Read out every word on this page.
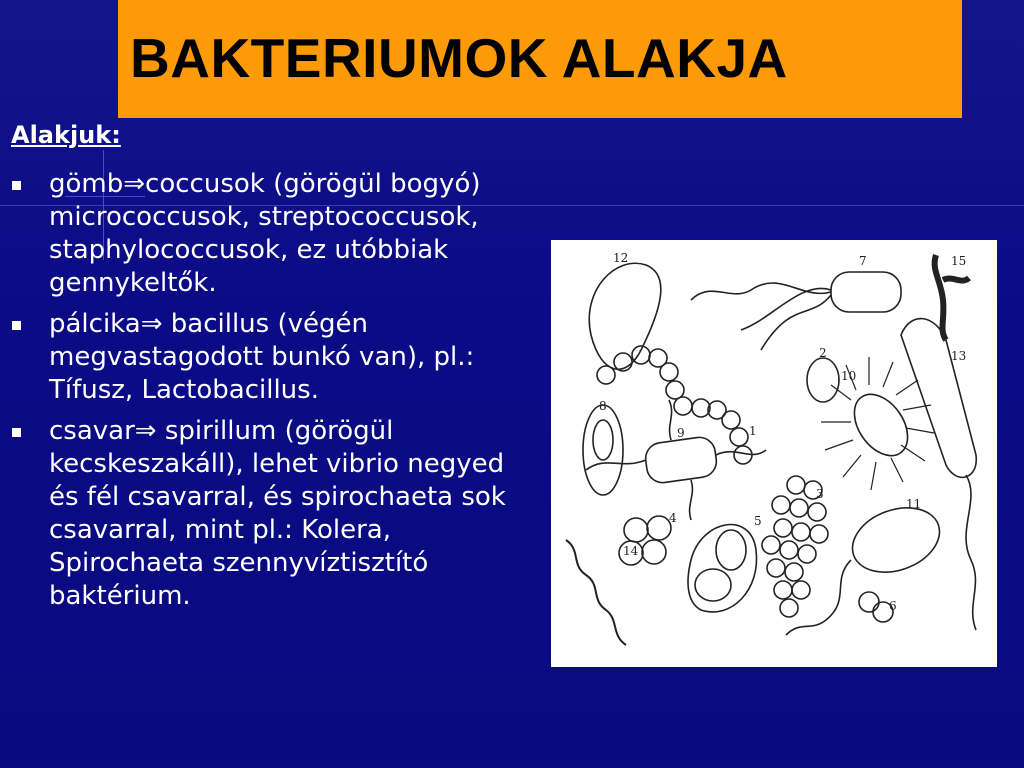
BAKTERIUMOK ALAKJA
Alakjuk:
gömb⇒coccusok (görögül bogyó) micrococcusok, streptococcusok, staphylococcusok, ez utóbbiak gennykeltők.
pálcika⇒ bacillus (végén megvastagodott bunkó van), pl.: Tífusz, Lactobacillus.
csavar⇒ spirillum (görögül kecskeszakáll), lehet vibrio negyed és fél csavarral, és spirochaeta sok csavarral, mint pl.: Kolera, Spirochaeta szennyvíztisztító baktérium.
1
2
3
4	5
6
7
8
9
10
11
12
13
14
15
